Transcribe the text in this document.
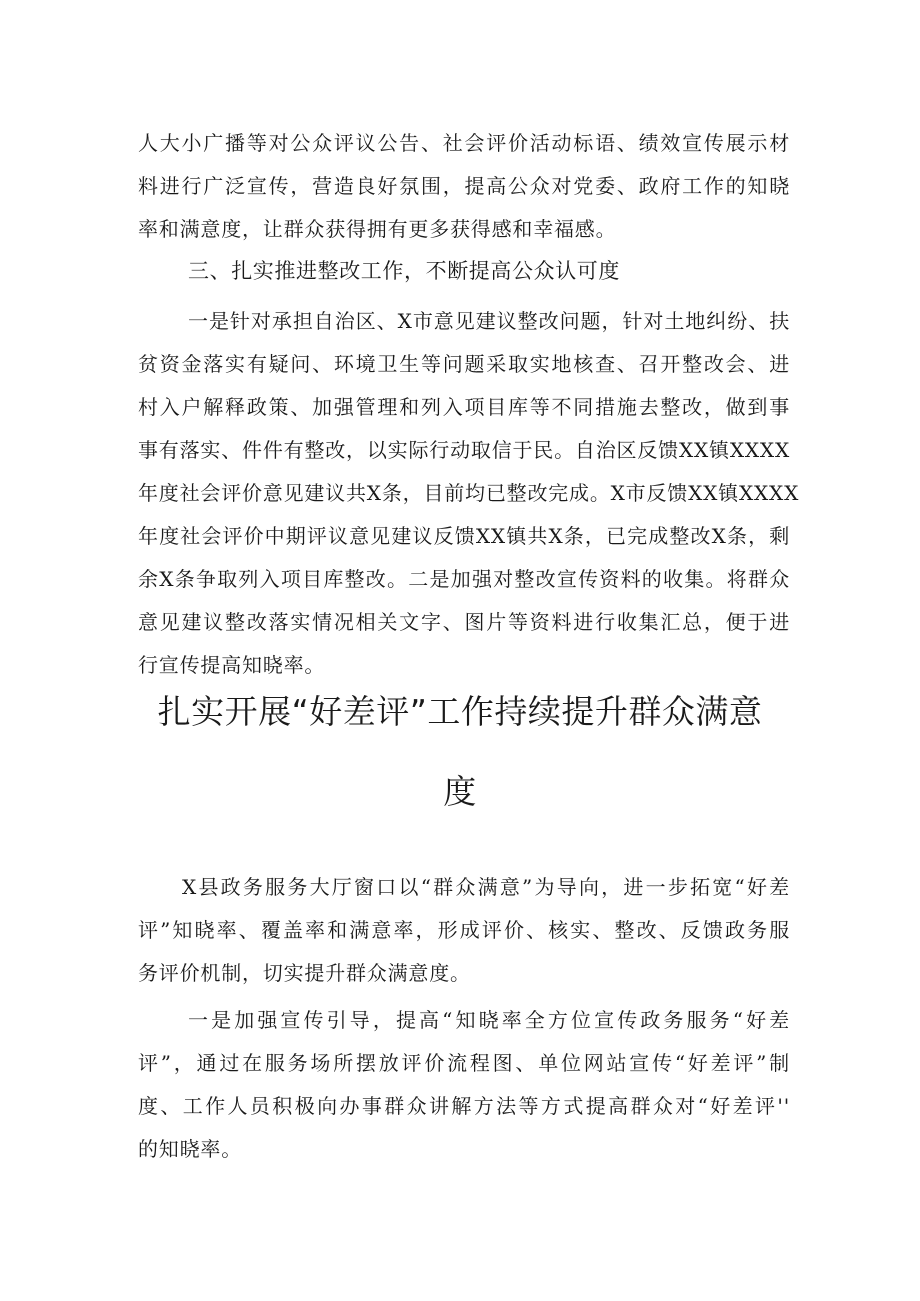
人大小广播等对公众评议公告、社会评价活动标语、绩效宣传展示材
料进行广泛宣传，营造良好氛围，提高公众对党委、政府工作的知晓
率和满意度，让群众获得拥有更多获得感和幸福感。
三、扎实推进整改工作，不断提高公众认可度
一是针对承担自治区、X市意见建议整改问题，针对土地纠纷、扶
贫资金落实有疑问、环境卫生等问题采取实地核查、召开整改会、进
村入户解释政策、加强管理和列入项目库等不同措施去整改，做到事
事有落实、件件有整改，以实际行动取信于民。自治区反馈XX镇XXXX
年度社会评价意见建议共X条，目前均已整改完成。X市反馈XX镇XXXX
年度社会评价中期评议意见建议反馈XX镇共X条，已完成整改X条，剩
余X条争取列入项目库整改。二是加强对整改宣传资料的收集。将群众
意见建议整改落实情况相关文字、图片等资料进行收集汇总，便于进
行宣传提高知晓率。
扎实开展“好差评”工作持续提升群众满意
度
X县政务服务大厅窗口以“群众满意”为导向，进一步拓宽“好差
评”知晓率、覆盖率和满意率，形成评价、核实、整改、反馈政务服
务评价机制，切实提升群众满意度。
一是加强宣传引导，提高“知晓率全方位宣传政务服务“好差
评”，通过在服务场所摆放评价流程图、单位网站宣传“好差评”制
度、工作人员积极向办事群众讲解方法等方式提高群众对“好差评''
的知晓率。
